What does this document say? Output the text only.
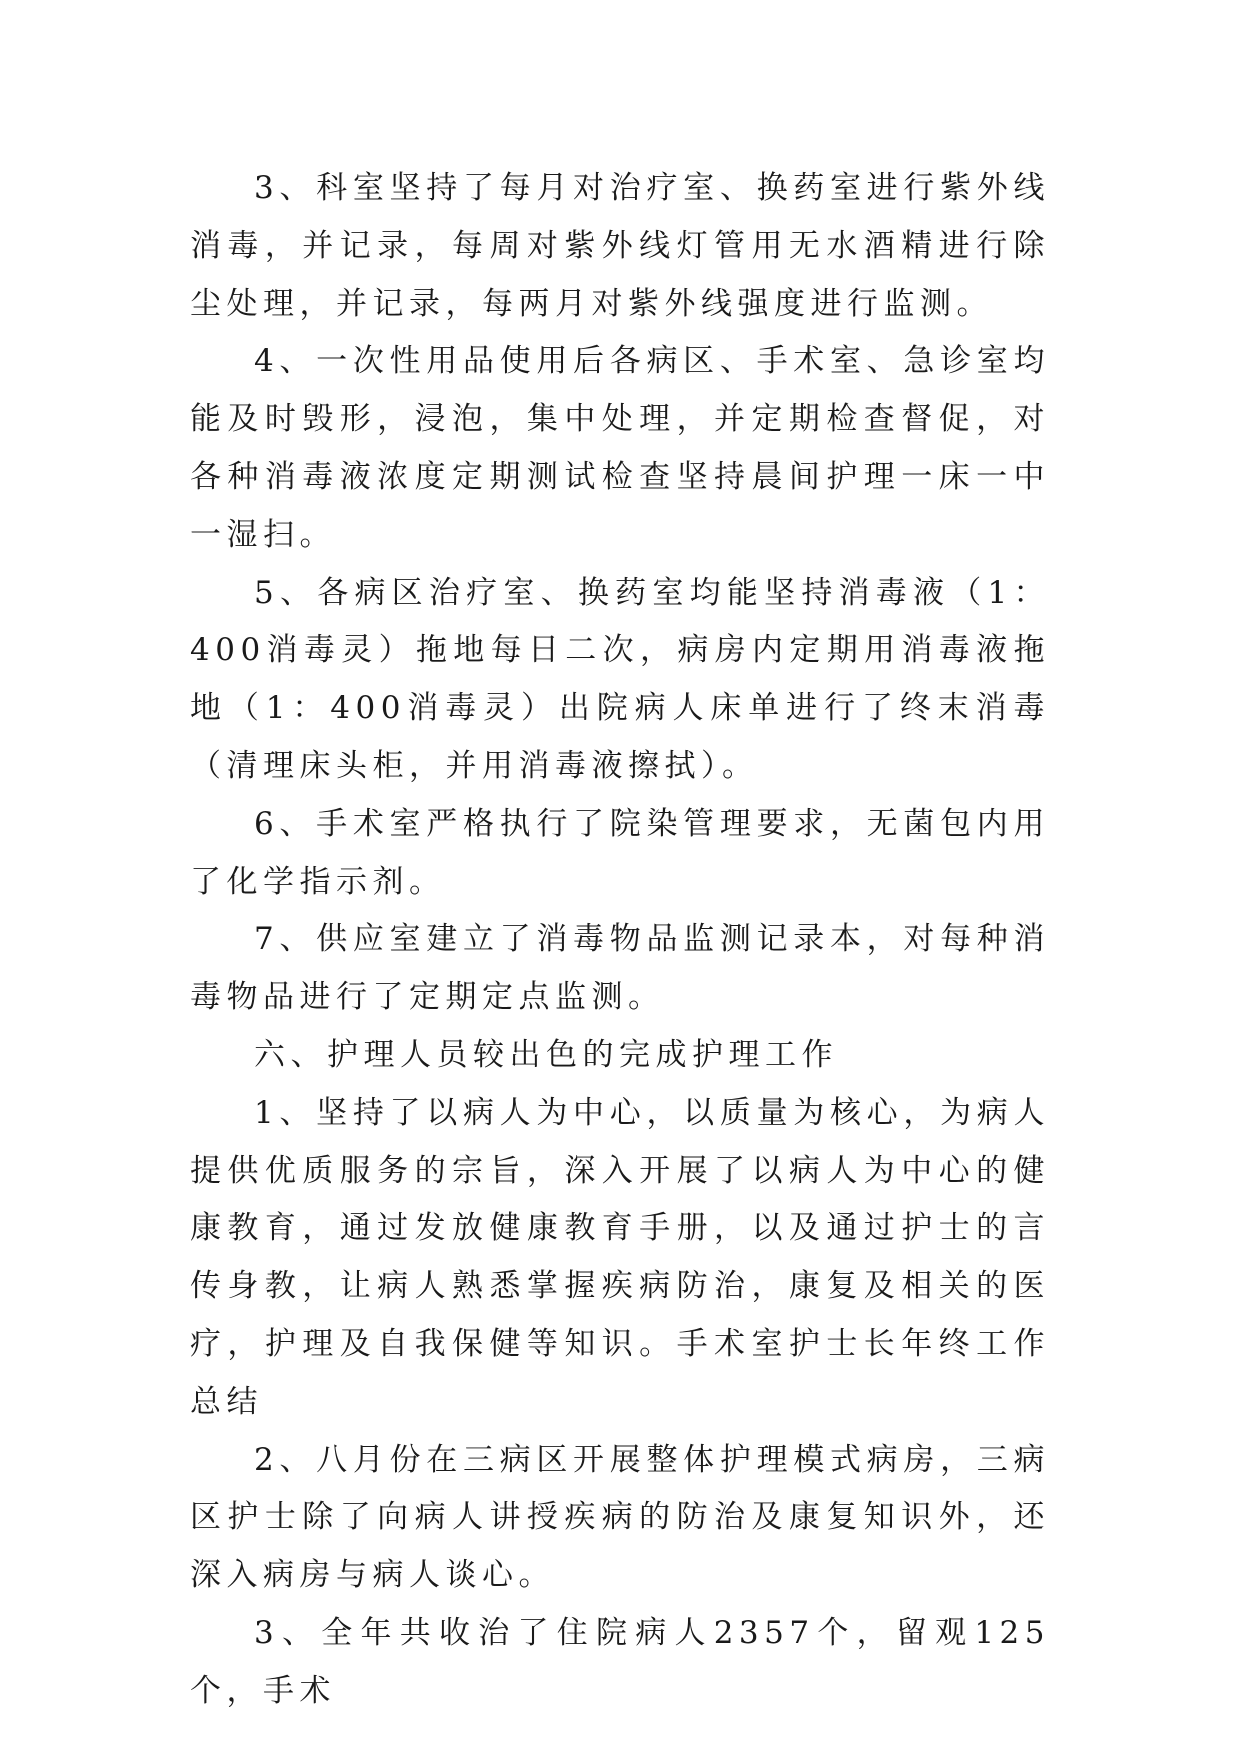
3、科室坚持了每月对治疗室、换药室进行紫外线消毒，并记录，每周对紫外线灯管用无水酒精进行除尘处理，并记录，每两月对紫外线强度进行监测。

4、一次性用品使用后各病区、手术室、急诊室均能及时毁形，浸泡，集中处理，并定期检查督促，对各种消毒液浓度定期测试检查坚持晨间护理一床一中一湿扫。

5、各病区治疗室、换药室均能坚持消毒液（1：400消毒灵）拖地每日二次，病房内定期用消毒液拖地（1：400消毒灵）出院病人床单进行了终末消毒（清理床头柜，并用消毒液擦拭）。

6、手术室严格执行了院染管理要求，无菌包内用了化学指示剂。

7、供应室建立了消毒物品监测记录本，对每种消毒物品进行了定期定点监测。

六、护理人员较出色的完成护理工作

1、坚持了以病人为中心，以质量为核心，为病人提供优质服务的宗旨，深入开展了以病人为中心的健康教育，通过发放健康教育手册，以及通过护士的言传身教，让病人熟悉掌握疾病防治，康复及相关的医疗，护理及自我保健等知识。手术室护士长年终工作总结

2、八月份在三病区开展整体护理模式病房，三病区护士除了向病人讲授疾病的防治及康复知识外，还深入病房与病人谈心。

3、全年共收治了住院病人2357个，留观125个，手术
